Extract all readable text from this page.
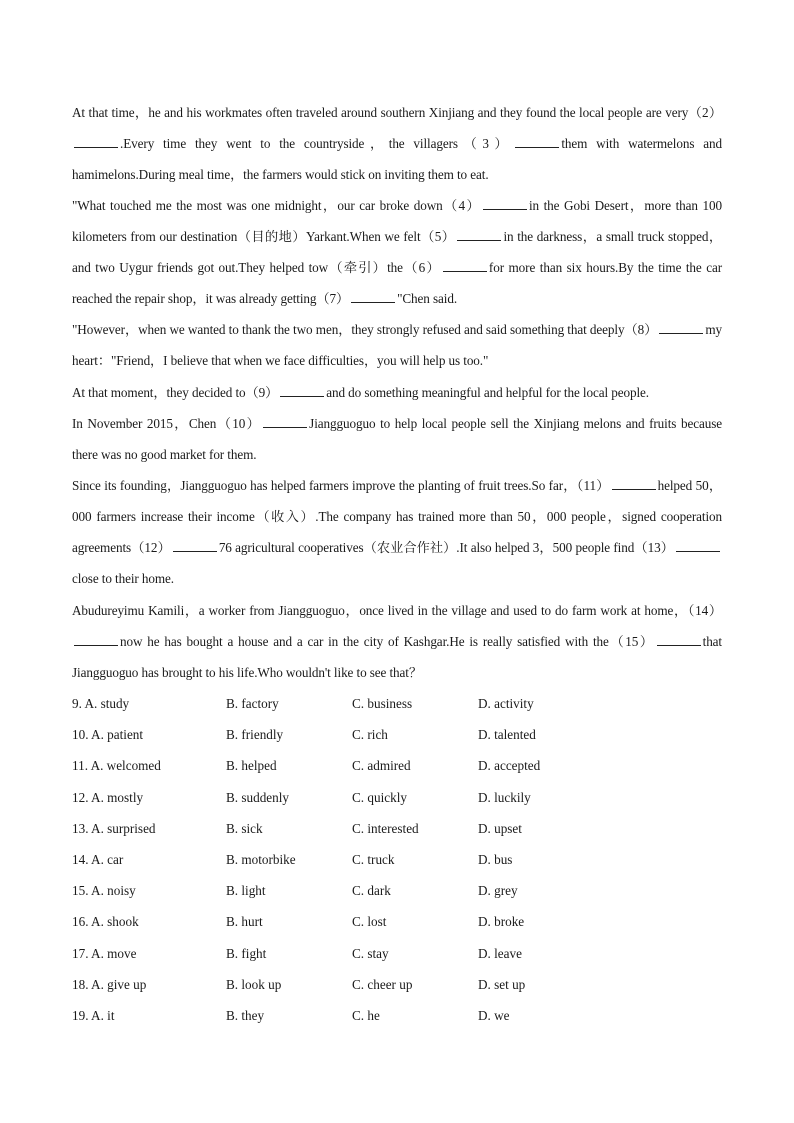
At that time，he and his workmates often traveled around southern Xinjiang and they found the local people are very（2）.Every time they went to the countryside，the villagers（3）	them with watermelons and hamimelons.During meal time，the farmers would stick on inviting them to eat.

"What touched me the most was one midnight，our car broke down（4）	in the Gobi Desert，more than 100 kilometers from our destination（目的地）Yarkant.When we felt（5）	in the darkness，a small truck stopped，and two Uygur friends got out.They helped tow（牵引）the（6）	for more than six hours.By the time the car reached the repair shop，it was already getting（7）	"Chen said.

"However，when we wanted to thank the two men，they strongly refused and said something that deeply（8）	my heart："Friend，I believe that when we face difficulties，you will help us too."

At that moment，they decided to（9）	and do something meaningful and helpful for the local people.

In November 2015，Chen（10）	Jiangguoguo to help local people sell the Xinjiang melons and fruits because there was no good market for them.

Since its founding，Jiangguoguo has helped farmers improve the planting of fruit trees.So far，（11）	helped 50，000 farmers increase their income（收入）.The company has trained more than 50，000 people，signed cooperation agreements（12）	76 agricultural cooperatives（农业合作社）.It also helped 3，500 people find（13）close to their home.

Abudureyimu Kamili，a worker from Jiangguoguo，once lived in the village and used to do farm work at home，（14）now he has bought a house and a car in the city of Kashgar.He is really satisfied with the（15）	that Jiangguoguo has brought to his life.Who wouldn't like to see that？

9. A. study	B. factory	C. business	D. activity
10. A. patient	B. friendly	C. rich	D. talented
11. A. welcomed	B. helped	C. admired	D. accepted
12. A. mostly	B. suddenly	C. quickly	D. luckily
13. A. surprised	B. sick	C. interested	D. upset
14. A. car	B. motorbike	C. truck	D. bus
15. A. noisy	B. light	C. dark	D. grey
16. A. shook	B. hurt	C. lost	D. broke
17. A. move	B. fight	C. stay	D. leave
18. A. give up	B. look up	C. cheer up	D. set up
19. A. it	B. they	C. he	D. we
